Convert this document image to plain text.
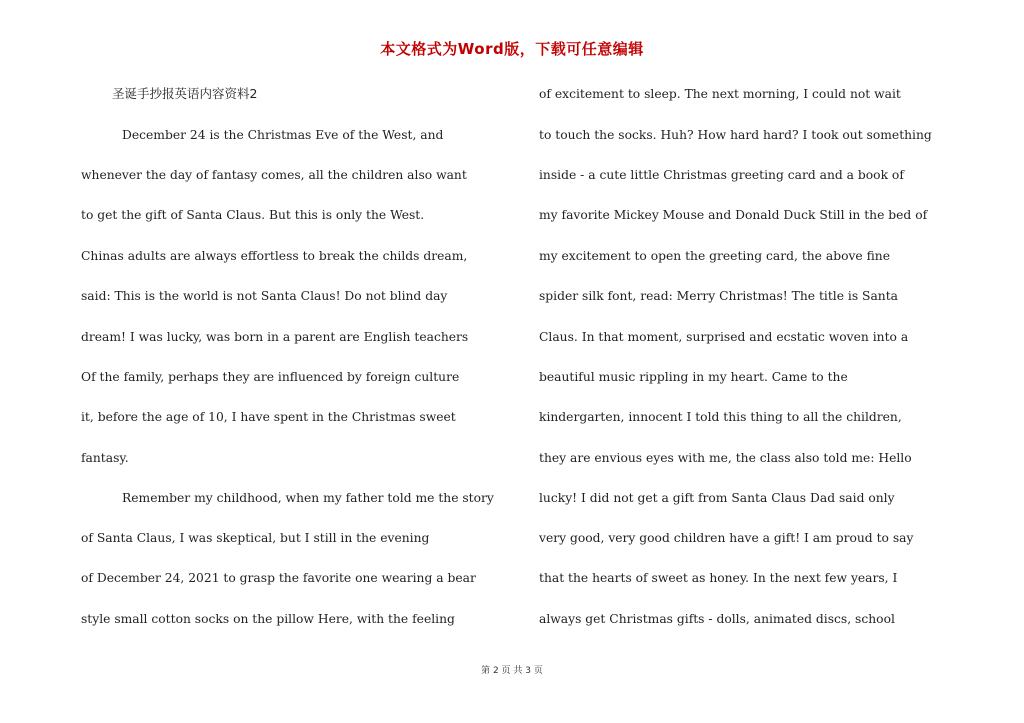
本文格式为Word版，下载可任意编辑
圣诞手抄报英语内容资料2
December 24 is the Christmas Eve of the West, and
whenever the day of fantasy comes, all the children also want
to get the gift of Santa Claus. But this is only the West.
Chinas adults are always effortless to break the childs dream,
said: This is the world is not Santa Claus! Do not blind day
dream! I was lucky, was born in a parent are English teachers
Of the family, perhaps they are influenced by foreign culture
it, before the age of 10, I have spent in the Christmas sweet
fantasy.
Remember my childhood, when my father told me the story
of Santa Claus, I was skeptical, but I still in the evening
of December 24, 2021 to grasp the favorite one wearing a bear
style small cotton socks on the pillow Here, with the feeling
of excitement to sleep. The next morning, I could not wait
to touch the socks. Huh? How hard hard? I took out something
inside - a cute little Christmas greeting card and a book of
my favorite Mickey Mouse and Donald Duck Still in the bed of
my excitement to open the greeting card, the above fine
spider silk font, read: Merry Christmas! The title is Santa
Claus. In that moment, surprised and ecstatic woven into a
beautiful music rippling in my heart. Came to the
kindergarten, innocent I told this thing to all the children,
they are envious eyes with me, the class also told me: Hello
lucky! I did not get a gift from Santa Claus Dad said only
very good, very good children have a gift! I am proud to say
that the hearts of sweet as honey. In the next few years, I
always get Christmas gifts - dolls, animated discs, school
第 2 页 共 3 页
